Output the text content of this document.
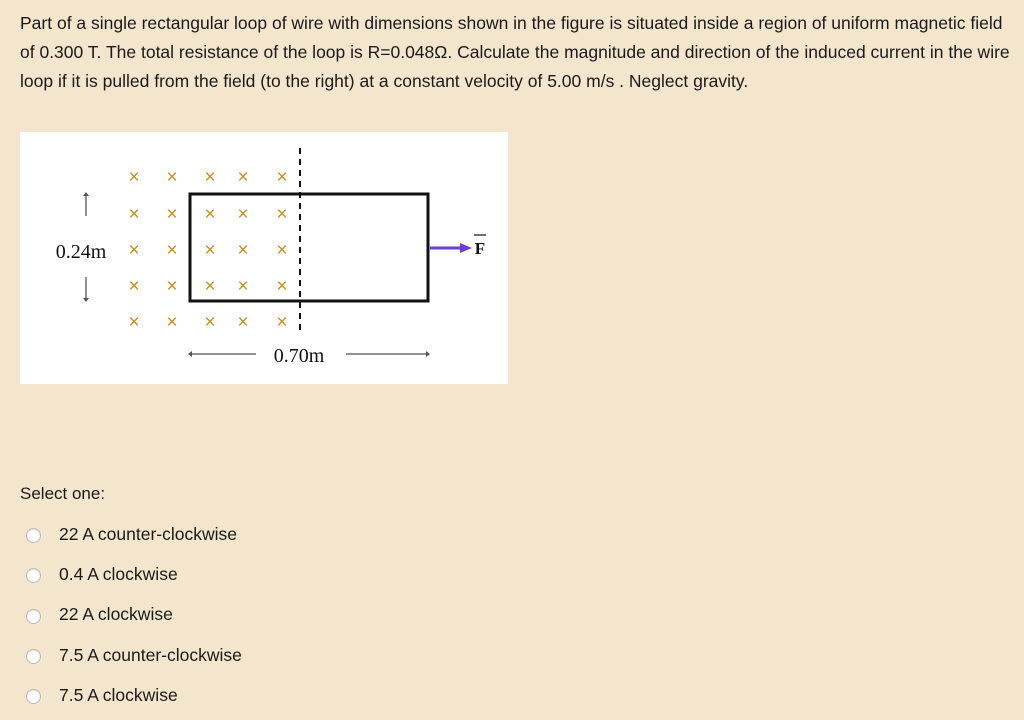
Part of a single rectangular loop of wire with dimensions shown in the figure is situated inside a region of uniform magnetic field of 0.300 T. The total resistance of the loop is R=0.048Ω. Calculate the magnitude and direction of the induced current in the wire loop if it is pulled from the field (to the right) at a constant velocity of 5.00 m/s . Neglect gravity.

× × × × ×
× × × × ×
× × × × ×
× × × × ×
× × × × ×
0.24m
0.70m
F
Select one:
22 A counter-clockwise
0.4 A clockwise
22 A clockwise
7.5 A counter-clockwise
7.5 A clockwise
